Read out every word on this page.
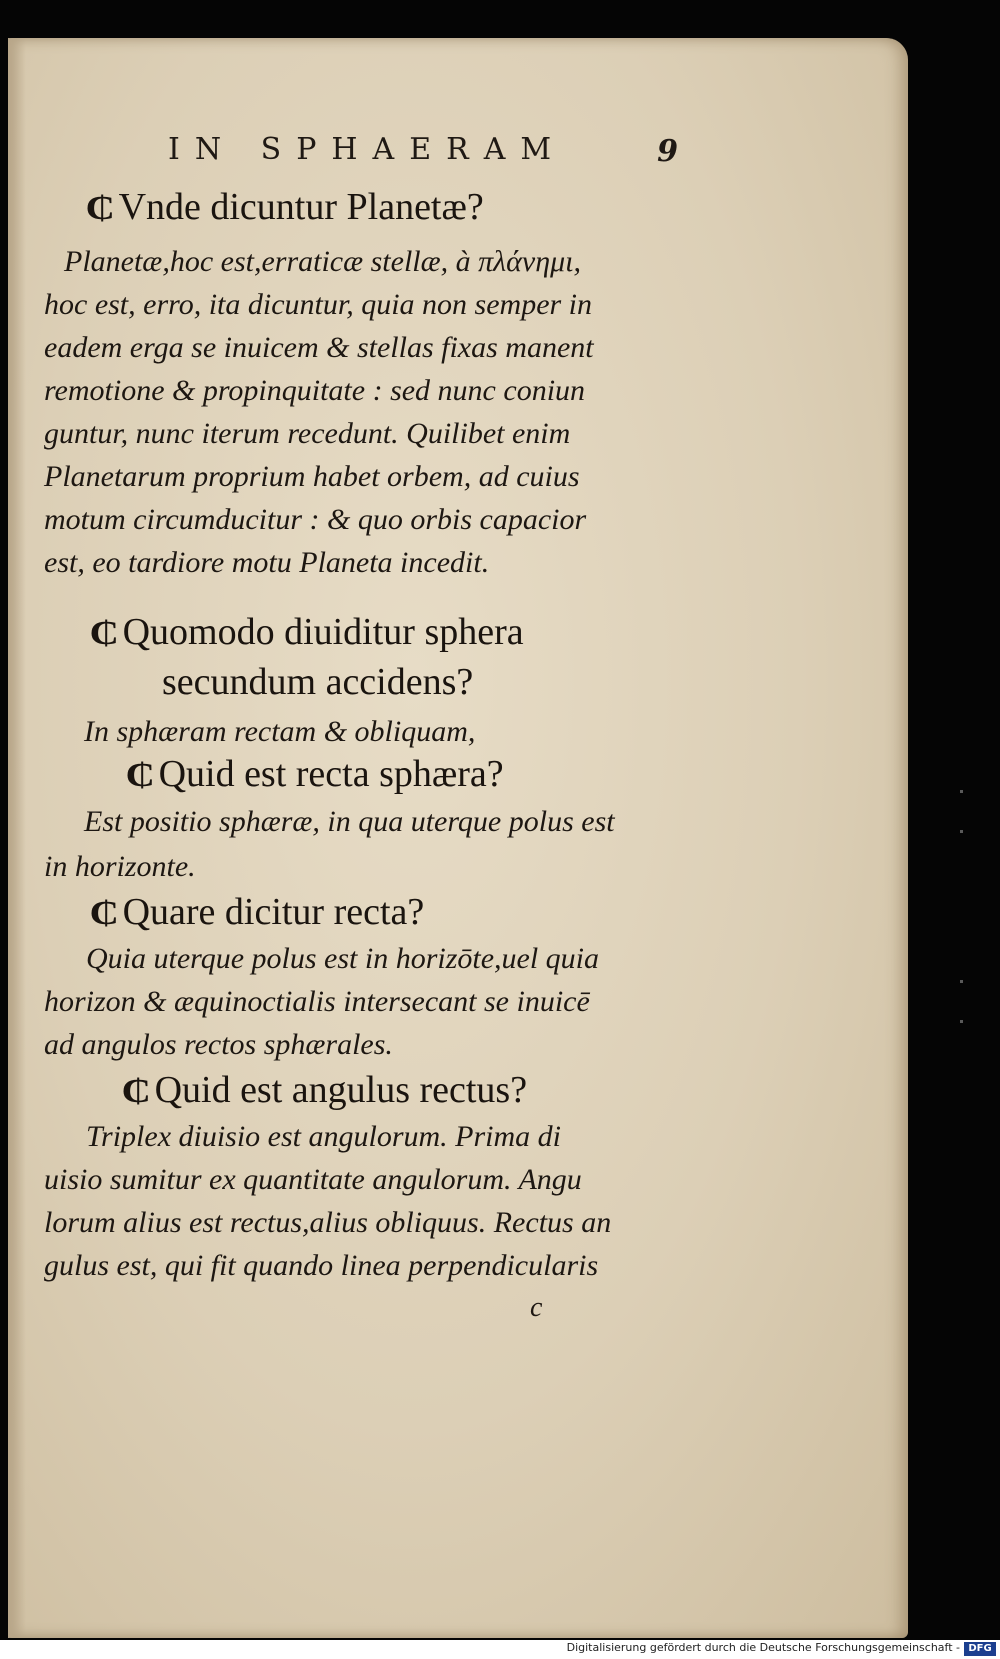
IN SPHAERAM	9
₵Vnde dicuntur Planetæ?
Planetæ,hoc est,erraticæ stellæ, à πλάνημι,
hoc est, erro, ita dicuntur, quia non semper in
eadem erga se inuicem & stellas fixas manent
remotione & propinquitate : sed nunc coniun
guntur, nunc iterum recedunt. Quilibet enim
Planetarum proprium habet orbem, ad cuius
motum circumducitur : & quo orbis capacior
est, eo tardiore motu Planeta incedit.
₵Quomodo diuiditur sphera
secundum accidens?
In sphæram rectam & obliquam,
₵Quid est recta sphæra?
Est positio sphæræ, in qua uterque polus est
in horizonte.
₵Quare dicitur recta?
Quia uterque polus est in horizōte,uel quia
horizon & æquinoctialis intersecant se inuicē
ad angulos rectos sphærales.
₵Quid est angulus rectus?
Triplex diuisio est angulorum. Prima di
uisio sumitur ex quantitate angulorum. Angu
lorum alius est rectus,alius obliquus. Rectus an
gulus est, qui fit quando linea perpendicularis
c
Digitalisierung gefördert durch die Deutsche Forschungsgemeinschaft - DFG
